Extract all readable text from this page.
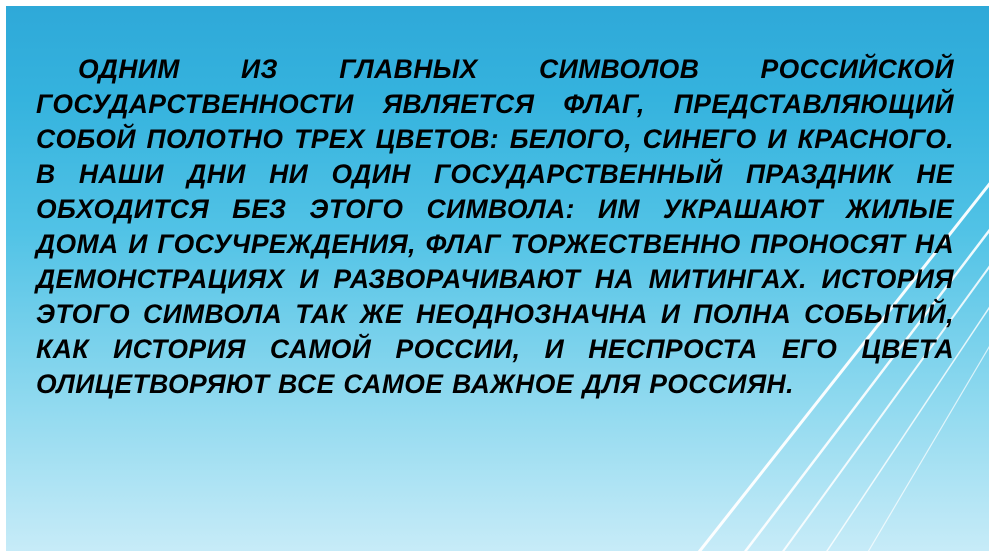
ОДНИМ ИЗ ГЛАВНЫХ СИМВОЛОВ РОССИЙСКОЙ ГОСУДАРСТВЕННОСТИ ЯВЛЯЕТСЯ ФЛАГ, ПРЕДСТАВЛЯЮЩИЙ СОБОЙ ПОЛОТНО ТРЕХ ЦВЕТОВ: БЕЛОГО, СИНЕГО И КРАСНОГО. В НАШИ ДНИ НИ ОДИН ГОСУДАРСТВЕННЫЙ ПРАЗДНИК НЕ ОБХОДИТСЯ БЕЗ ЭТОГО СИМВОЛА: ИМ УКРАШАЮТ ЖИЛЫЕ ДОМА И ГОСУЧРЕЖДЕНИЯ, ФЛАГ ТОРЖЕСТВЕННО ПРОНОСЯТ НА ДЕМОНСТРАЦИЯХ И РАЗВОРАЧИВАЮТ НА МИТИНГАХ. ИСТОРИЯ ЭТОГО СИМВОЛА ТАК ЖЕ НЕОДНОЗНАЧНА И ПОЛНА СОБЫТИЙ, КАК ИСТОРИЯ САМОЙ РОССИИ, И НЕСПРОСТА ЕГО ЦВЕТА ОЛИЦЕТВОРЯЮТ ВСЕ САМОЕ ВАЖНОЕ ДЛЯ РОССИЯН.
